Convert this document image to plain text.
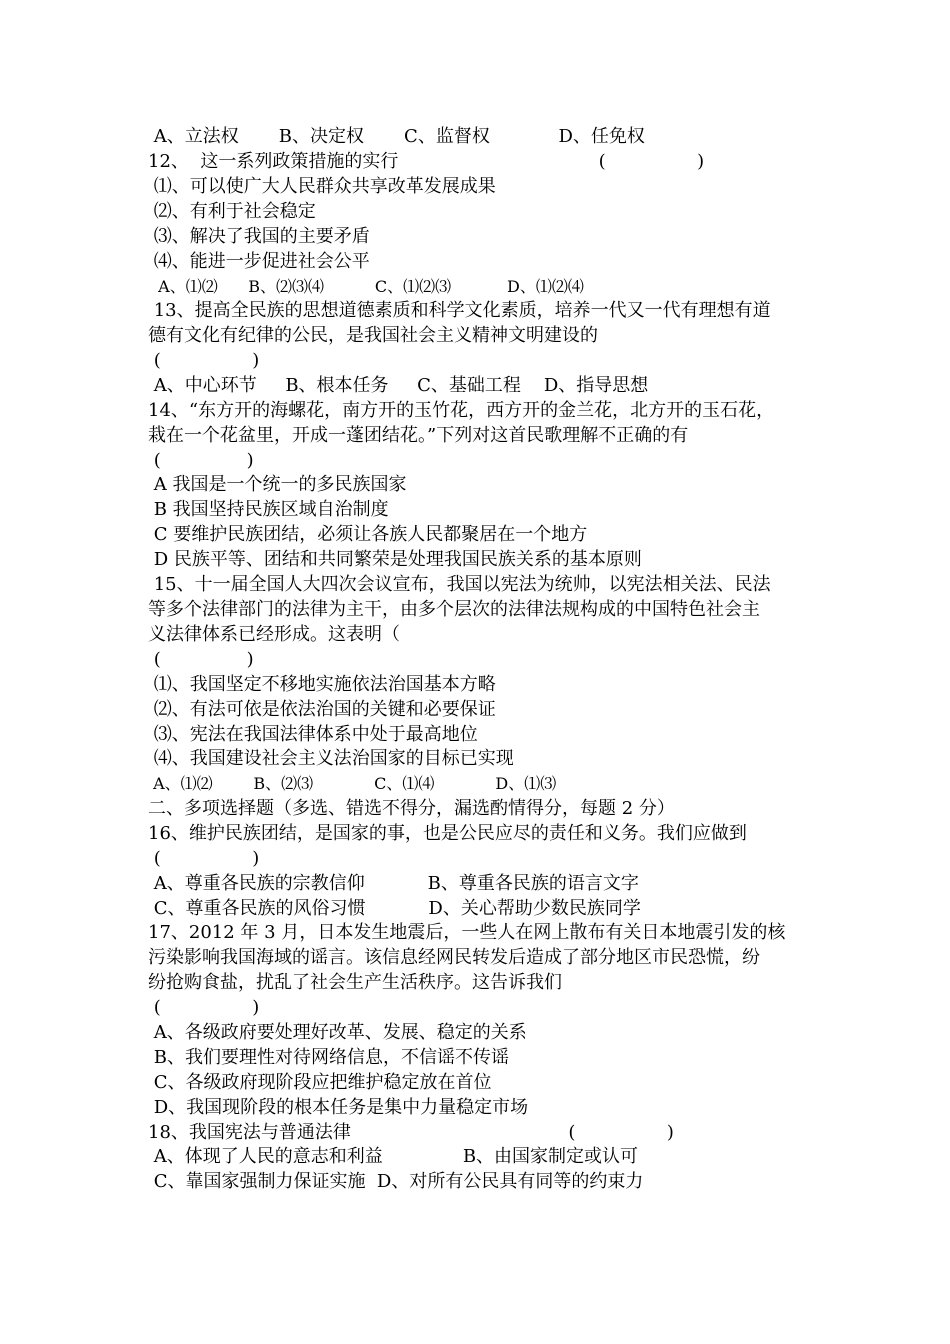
A、立法权       B、决定权       C、监督权            D、任免权
12、  这一系列政策措施的实行                                   (                )
⑴、可以使广大人民群众共享改革发展成果
⑵、有利于社会稳定
⑶、解决了我国的主要矛盾
⑷、能进一步促进社会公平
A、⑴⑵      B、⑵⑶⑷          C、⑴⑵⑶           D、⑴⑵⑷
13、提高全民族的思想道德素质和科学文化素质，培养一代又一代有理想有道
德有文化有纪律的公民，是我国社会主义精神文明建设的
(                )
A、中心环节     B、根本任务     C、基础工程    D、指导思想
14、“东方开的海螺花，南方开的玉竹花，西方开的金兰花，北方开的玉石花，
栽在一个花盆里，开成一蓬团结花。”下列对这首民歌理解不正确的有
(               )
A 我国是一个统一的多民族国家
B 我国坚持民族区域自治制度
C 要维护民族团结，必须让各族人民都聚居在一个地方
D 民族平等、团结和共同繁荣是处理我国民族关系的基本原则
15、十一届全国人大四次会议宣布，我国以宪法为统帅，以宪法相关法、民法
等多个法律部门的法律为主干，由多个层次的法律法规构成的中国特色社会主
义法律体系已经形成。这表明（
(               )
⑴、我国坚定不移地实施依法治国基本方略
⑵、有法可依是依法治国的关键和必要保证
⑶、宪法在我国法律体系中处于最高地位
⑷、我国建设社会主义法治国家的目标已实现
A、⑴⑵        B、⑵⑶            C、⑴⑷            D、⑴⑶
二、多项选择题（多选、错选不得分，漏选酌情得分，每题 2 分）
16、维护民族团结，是国家的事，也是公民应尽的责任和义务。我们应做到
(                )
A、尊重各民族的宗教信仰           B、尊重各民族的语言文字
C、尊重各民族的风俗习惯           D、关心帮助少数民族同学
17、2012 年 3 月，日本发生地震后，一些人在网上散布有关日本地震引发的核
污染影响我国海域的谣言。该信息经网民转发后造成了部分地区市民恐慌，纷
纷抢购食盐，扰乱了社会生产生活秩序。这告诉我们
(                )
A、各级政府要处理好改革、发展、稳定的关系
B、我们要理性对待网络信息，不信谣不传谣
C、各级政府现阶段应把维护稳定放在首位
D、我国现阶段的根本任务是集中力量稳定市场
18、我国宪法与普通法律                                      (                )
A、体现了人民的意志和利益              B、由国家制定或认可
C、靠国家强制力保证实施  D、对所有公民具有同等的约束力
